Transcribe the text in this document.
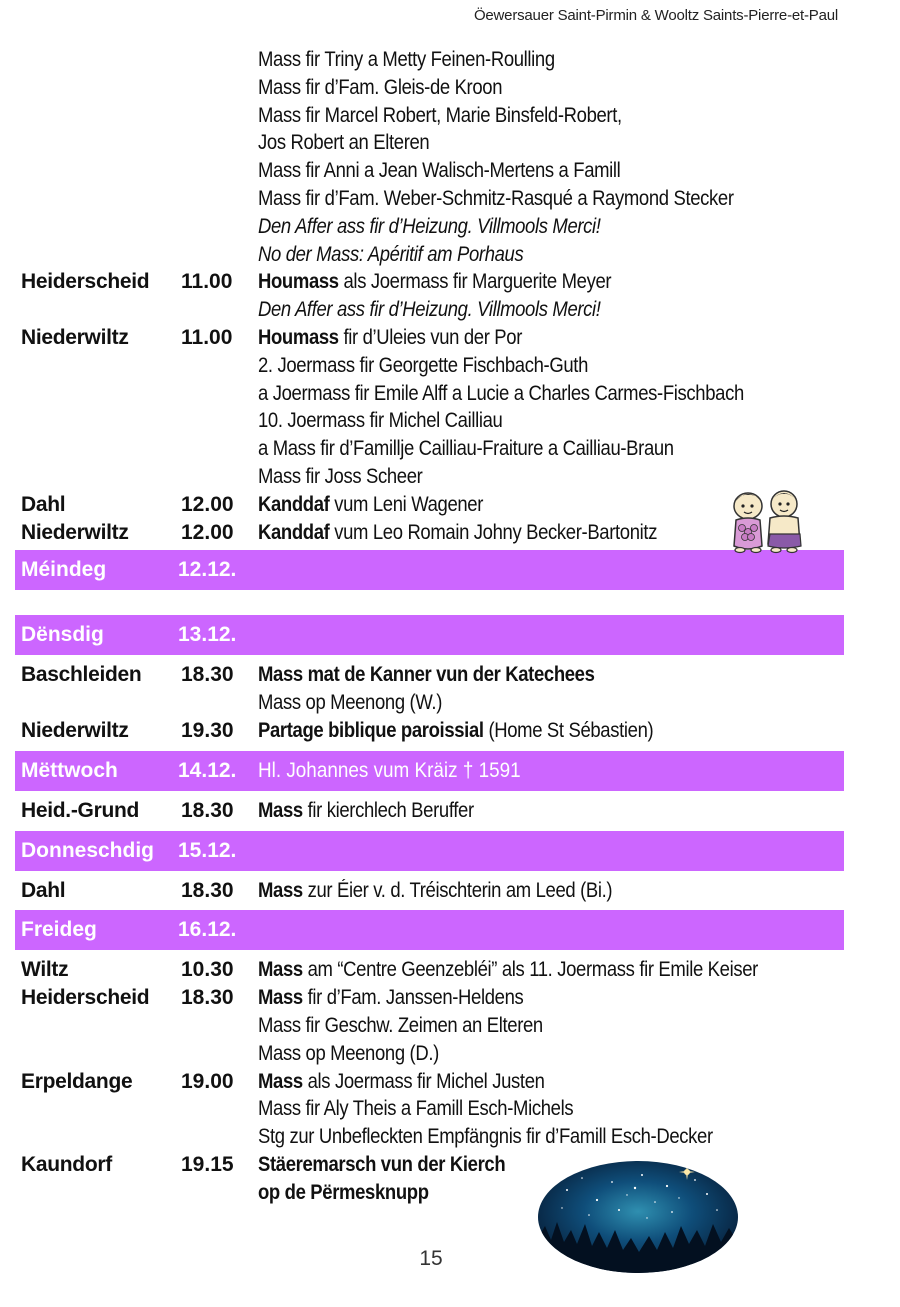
Öewersauer Saint-Pirmin & Wooltz Saints-Pierre-et-Paul
Mass fir Triny a Metty Feinen-Roulling
Mass fir d’Fam. Gleis-de Kroon
Mass fir Marcel Robert, Marie Binsfeld-Robert,
Jos Robert an Elteren
Mass fir Anni a Jean Walisch-Mertens a Famill
Mass fir d’Fam. Weber-Schmitz-Rasqué a Raymond Stecker
Den Affer ass fir d’Heizung. Villmools Merci!
No der Mass: Apéritif am Porhaus
Heiderscheid 11.00 Houmass als Joermass fir Marguerite Meyer
Den Affer ass fir d’Heizung. Villmools Merci!
Niederwiltz 11.00 Houmass fir d’Uleies vun der Por
2. Joermass fir Georgette Fischbach-Guth
a Joermass fir Emile Alff a Lucie a Charles Carmes-Fischbach
10. Joermass fir Michel Cailliau
a Mass fir d’Famillje Cailliau-Fraiture a Cailliau-Braun
Mass fir Joss Scheer
Dahl	12.00 Kanddaf vum Leni Wagener
Niederwiltz 12.00 Kanddaf vum Leo Romain Johny Becker-Bartonitz
Méindeg	12.12.
Dënsdig	13.12.
Baschleiden 18.30 Mass mat de Kanner vun der Katechees
Mass op Meenong (W.)
Niederwiltz 19.30 Partage biblique paroissial (Home St Sébastien)
Mëttwoch	14.12. Hl. Johannes vum Kräiz † 1591
Heid.-Grund 18.30 Mass fir kierchlech Beruffer
Donneschdig 15.12.
Dahl	18.30 Mass zur Éier v. d. Tréischterin am Leed (Bi.)
Freideg	16.12.
Wiltz	10.30 Mass am “Centre Geenzebléi” als 11. Joermass fir Emile Keiser
Heiderscheid 18.30 Mass fir d’Fam. Janssen-Heldens
Mass fir Geschw. Zeimen an Elteren
Mass op Meenong (D.)
Erpeldange 19.00 Mass als Joermass fir Michel Justen
Mass fir Aly Theis a Famill Esch-Michels
Stg zur Unbefleckten Empfängnis fir d’Famill Esch-Decker
Kaundorf	19.15 Stäeremarsch vun der Kierch
op de Përmesknupp
15
